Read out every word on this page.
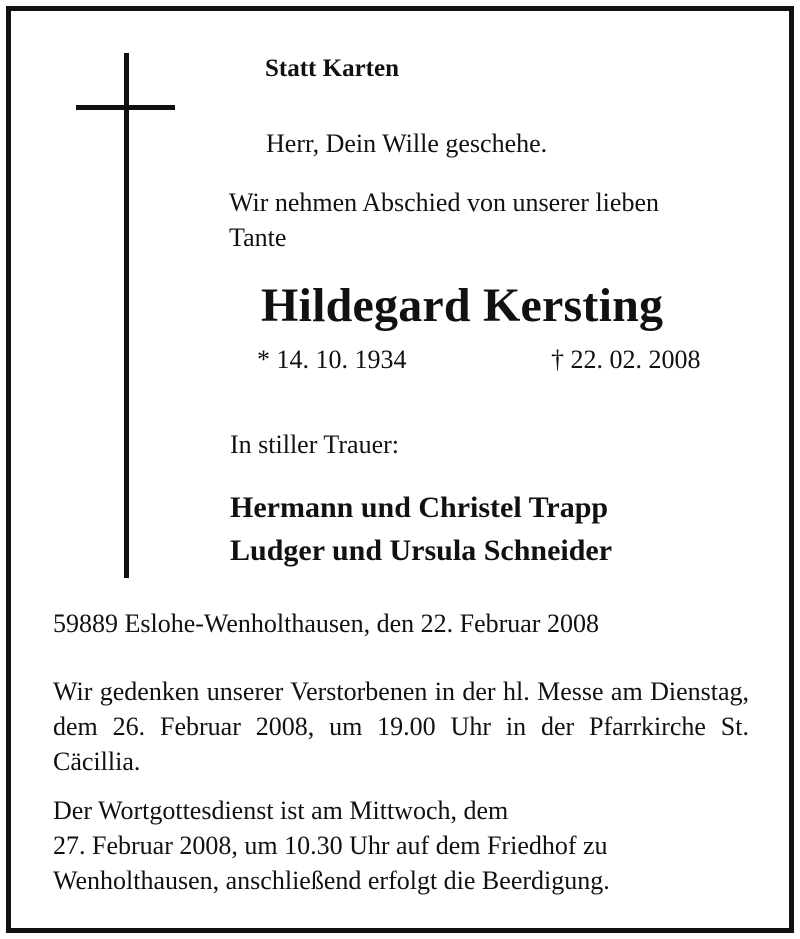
Statt Karten
Herr, Dein Wille geschehe.
Wir nehmen Abschied von unserer lieben
Tante
Hildegard Kersting
* 14. 10. 1934	† 22. 02. 2008
In stiller Trauer:
Hermann und Christel Trapp
Ludger und Ursula Schneider
59889 Eslohe-Wenholthausen, den 22. Februar 2008
Wir gedenken unserer Verstorbenen in der hl. Messe am Dienstag, dem 26. Februar 2008, um 19.00 Uhr in der Pfarrkirche St. Cäcillia.
Der Wortgottesdienst ist am Mittwoch, dem
27. Februar 2008, um 10.30 Uhr auf dem Friedhof zu
Wenholthausen, anschließend erfolgt die Beerdigung.
